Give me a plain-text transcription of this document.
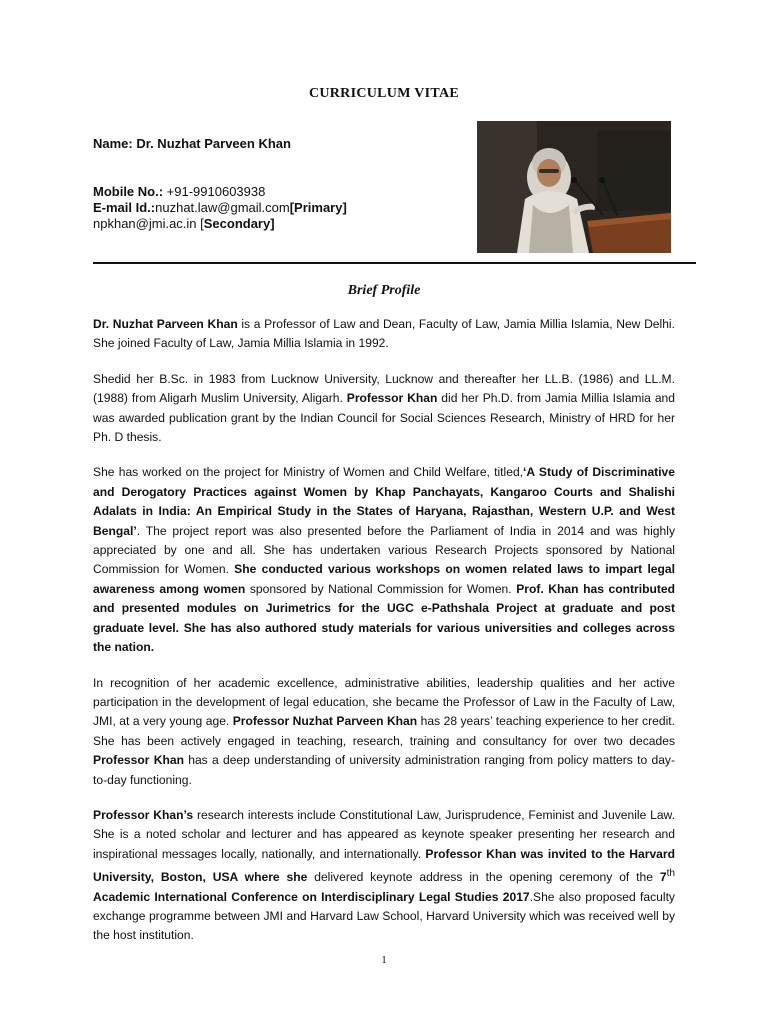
CURRICULUM VITAE
Name: Dr. Nuzhat Parveen Khan
Mobile No.: +91-9910603938
E-mail Id.:nuzhat.law@gmail.com[Primary]
npkhan@jmi.ac.in [Secondary]
Brief Profile

Dr. Nuzhat Parveen Khan is a Professor of Law and Dean, Faculty of Law, Jamia Millia Islamia, New Delhi. She joined Faculty of Law, Jamia Millia Islamia in 1992.

Shedid her B.Sc. in 1983 from Lucknow University, Lucknow and thereafter her LL.B. (1986) and LL.M. (1988) from Aligarh Muslim University, Aligarh. Professor Khan did her Ph.D. from Jamia Millia Islamia and was awarded publication grant by the Indian Council for Social Sciences Research, Ministry of HRD for her Ph. D thesis.

She has worked on the project for Ministry of Women and Child Welfare, titled,‘A Study of Discriminative and Derogatory Practices against Women by Khap Panchayats, Kangaroo Courts and Shalishi Adalats in India: An Empirical Study in the States of Haryana, Rajasthan, Western U.P. and West Bengal’. The project report was also presented before the Parliament of India in 2014 and was highly appreciated by one and all. She has undertaken various Research Projects sponsored by National Commission for Women. She conducted various workshops on women related laws to impart legal awareness among women sponsored by National Commission for Women. Prof. Khan has contributed and presented modules on Jurimetrics for the UGC e-Pathshala Project at graduate and post graduate level. She has also authored study materials for various universities and colleges across the nation.

In recognition of her academic excellence, administrative abilities, leadership qualities and her active participation in the development of legal education, she became the Professor of Law in the Faculty of Law, JMI, at a very young age. Professor Nuzhat Parveen Khan has 28 years’ teaching experience to her credit. She has been actively engaged in teaching, research, training and consultancy for over two decades Professor Khan has a deep understanding of university administration ranging from policy matters to day-to-day functioning.

Professor Khan’s research interests include Constitutional Law, Jurisprudence, Feminist and Juvenile Law. She is a noted scholar and lecturer and has appeared as keynote speaker presenting her research and inspirational messages locally, nationally, and internationally. Professor Khan was invited to the Harvard University, Boston, USA where she delivered keynote address in the opening ceremony of the 7th Academic International Conference on Interdisciplinary Legal Studies 2017.She also proposed faculty exchange programme between JMI and Harvard Law School, Harvard University which was received well by the host institution.

1
